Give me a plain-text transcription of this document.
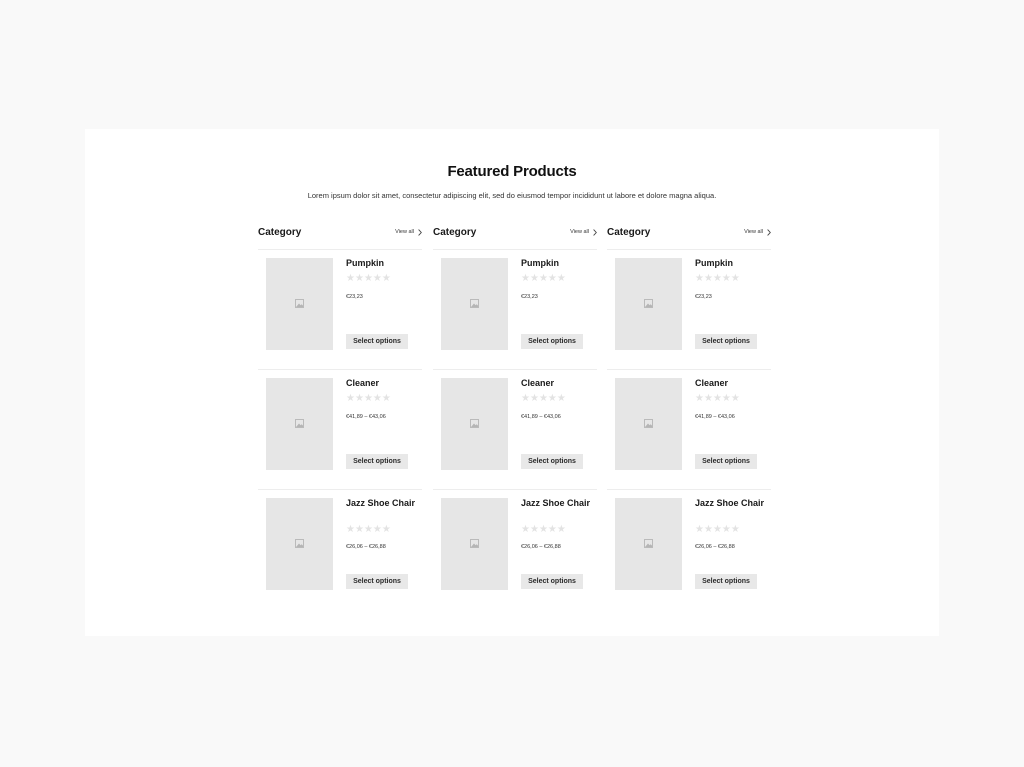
Featured Products

Lorem ipsum dolor sit amet, consectetur adipiscing elit, sed do eiusmod tempor incididunt ut labore et dolore magna aliqua.

Category	View all
Pumpkin
★ ★ ★ ★ ★
€23,23
Select options
Cleaner
★ ★ ★ ★ ★
€41,89 – €43,06
Select options
Jazz Shoe Chair
★ ★ ★ ★ ★
€26,06 – €26,88
Select options
Category	View all
Pumpkin
★ ★ ★ ★ ★
€23,23
Select options
Cleaner
★ ★ ★ ★ ★
€41,89 – €43,06
Select options
Jazz Shoe Chair
★ ★ ★ ★ ★
€26,06 – €26,88
Select options
Category	View all
Pumpkin
★ ★ ★ ★ ★
€23,23
Select options
Cleaner
★ ★ ★ ★ ★
€41,89 – €43,06
Select options
Jazz Shoe Chair
★ ★ ★ ★ ★
€26,06 – €26,88
Select options
